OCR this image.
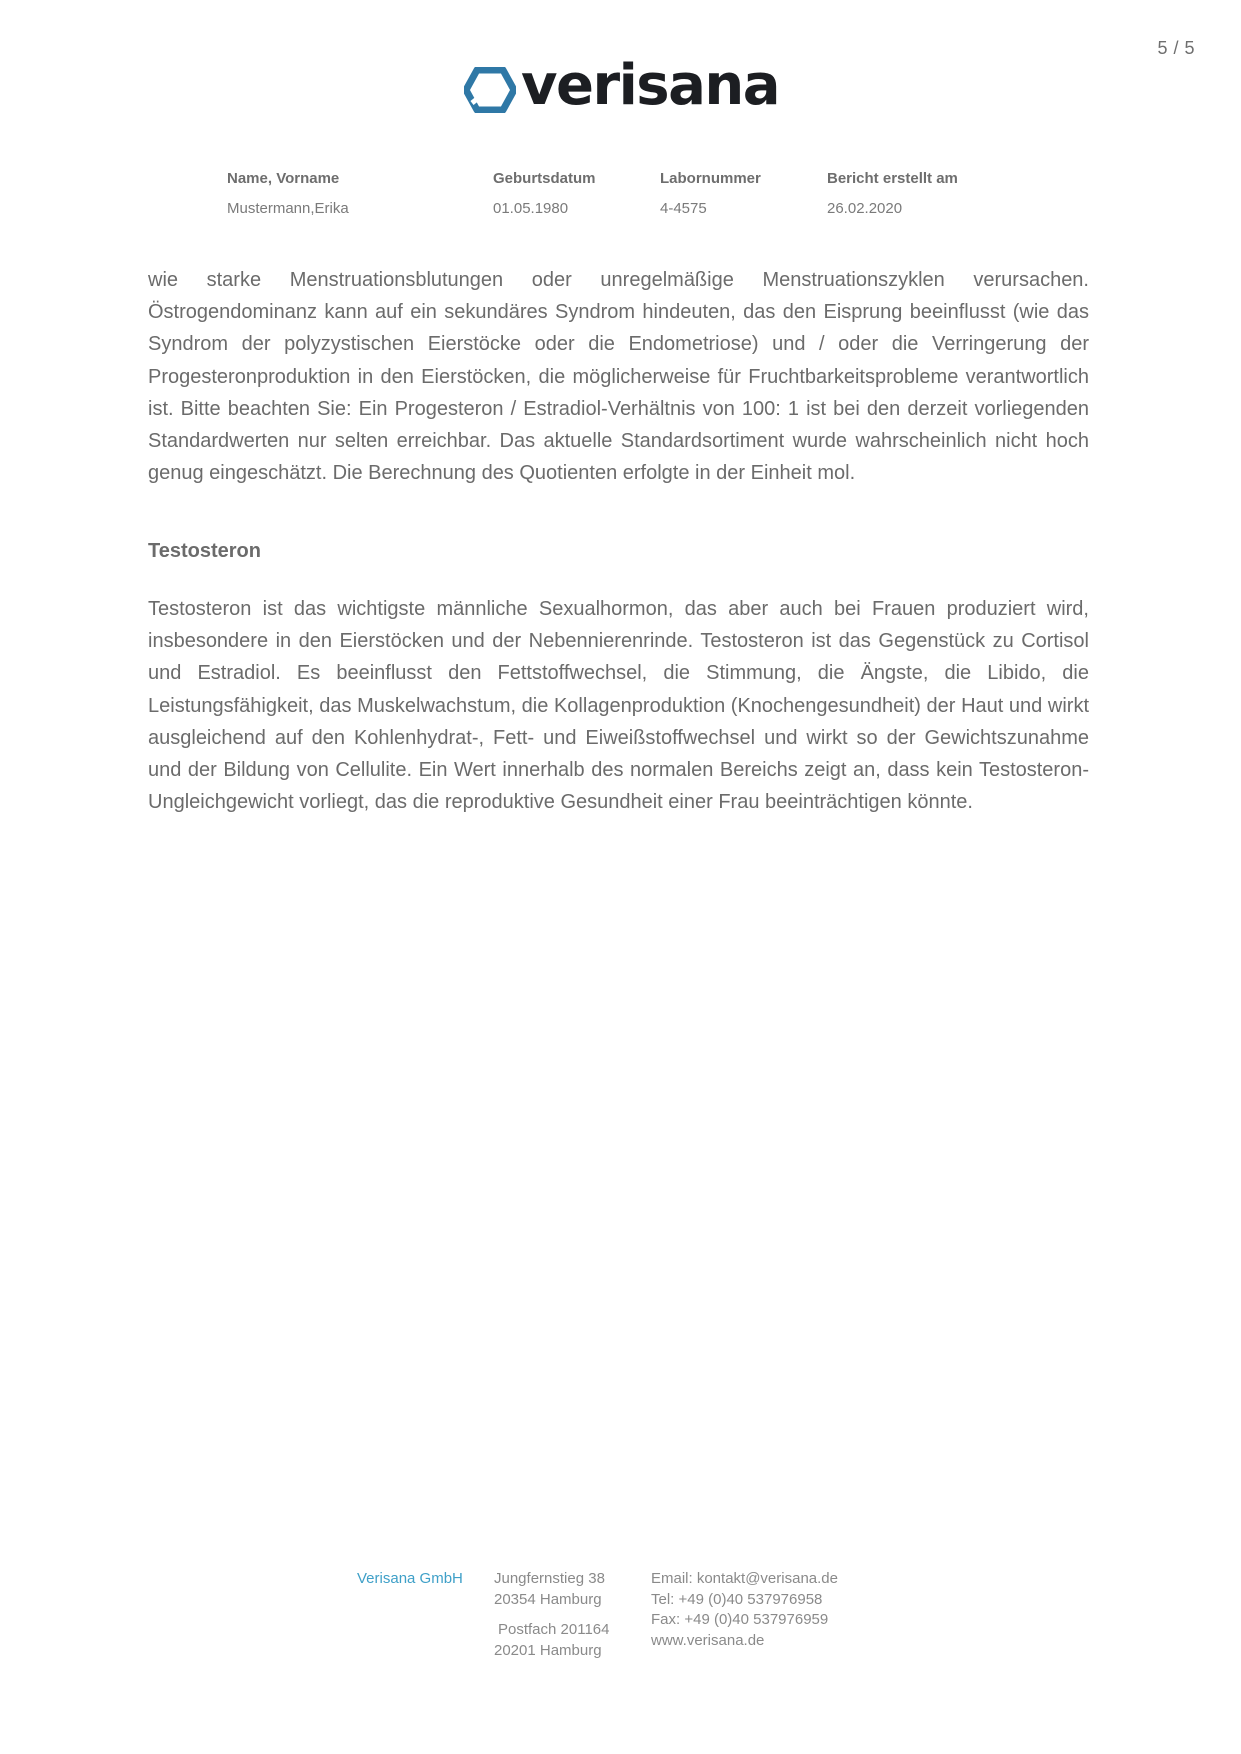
5 / 5
verisana
Name, Vorname
Mustermann,Erika
Geburtsdatum
01.05.1980
Labornummer
4-4575
Bericht erstellt am
26.02.2020

wie starke Menstruationsblutungen oder unregelmäßige Menstruationszyklen verursachen. Östrogendominanz kann auf ein sekundäres Syndrom hindeuten, das den Eisprung beeinflusst (wie das Syndrom der polyzystischen Eierstöcke oder die Endometriose) und / oder die Verringerung der Progesteronproduktion in den Eierstöcken, die möglicherweise für Fruchtbarkeitsprobleme verantwortlich ist. Bitte beachten Sie: Ein Progesteron / Estradiol-Verhältnis von 100: 1 ist bei den derzeit vorliegenden Standardwerten nur selten erreichbar. Das aktuelle Standardsortiment wurde wahrscheinlich nicht hoch genug eingeschätzt. Die Berechnung des Quotienten erfolgte in der Einheit mol.

Testosteron

Testosteron ist das wichtigste männliche Sexualhormon, das aber auch bei Frauen produziert wird, insbesondere in den Eierstöcken und der Nebennierenrinde. Testosteron ist das Gegenstück zu Cortisol und Estradiol. Es beeinflusst den Fettstoffwechsel, die Stimmung, die Ängste, die Libido, die Leistungsfähigkeit, das Muskelwachstum, die Kollagenproduktion (Knochengesundheit) der Haut und wirkt ausgleichend auf den Kohlenhydrat-, Fett- und Eiweißstoffwechsel und wirkt so der Gewichtszunahme und der Bildung von Cellulite. Ein Wert innerhalb des normalen Bereichs zeigt an, dass kein Testosteron-Ungleichgewicht vorliegt, das die reproduktive Gesundheit einer Frau beeinträchtigen könnte.

Verisana GmbH Jungfernstieg 38
20354 Hamburg
Postfach 201164
20201 Hamburg
Email: kontakt@verisana.de
Tel: +49 (0)40 537976958
Fax: +49 (0)40 537976959
www.verisana.de
